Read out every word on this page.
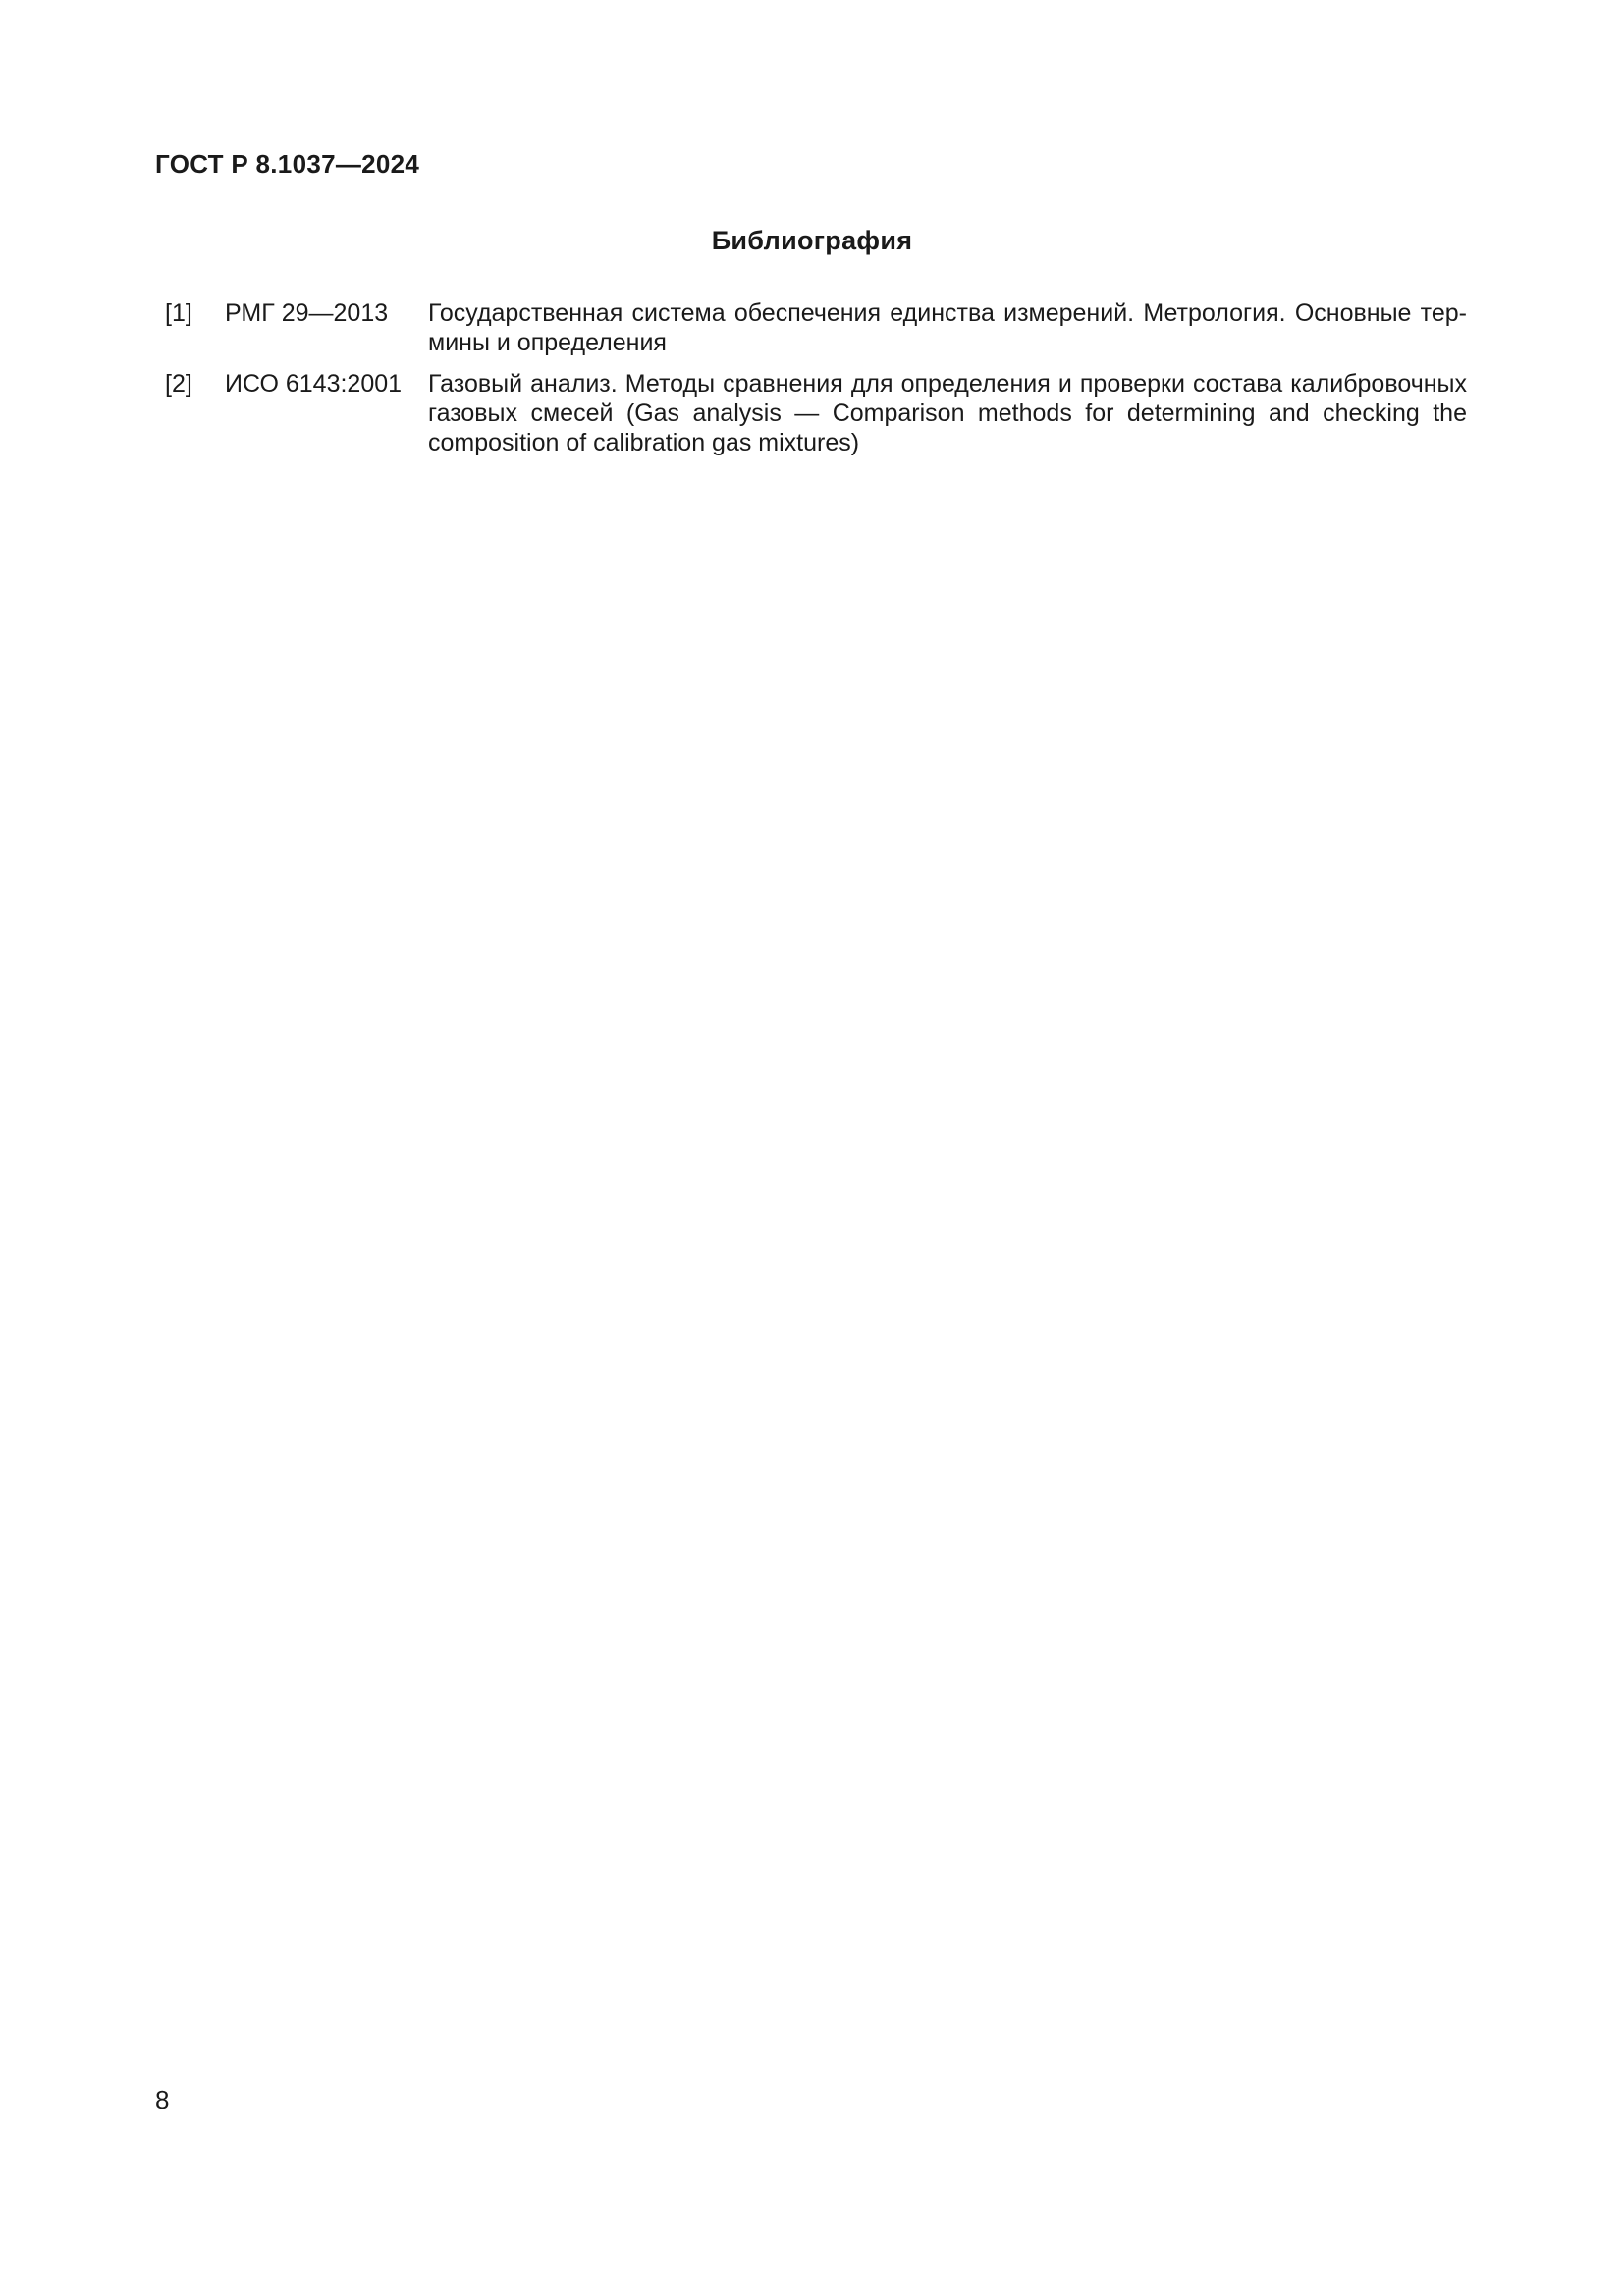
ГОСТ Р 8.1037—2024
Библиография
[1]	РМГ 29—2013	Государственная система обеспечения единства измерений. Метрология. Основные термины и определения
[2]	ИСО 6143:2001	Газовый анализ. Методы сравнения для определения и проверки состава калибровочных газовых смесей (Gas analysis — Comparison methods for determining and checking the composition of calibration gas mixtures)
8
